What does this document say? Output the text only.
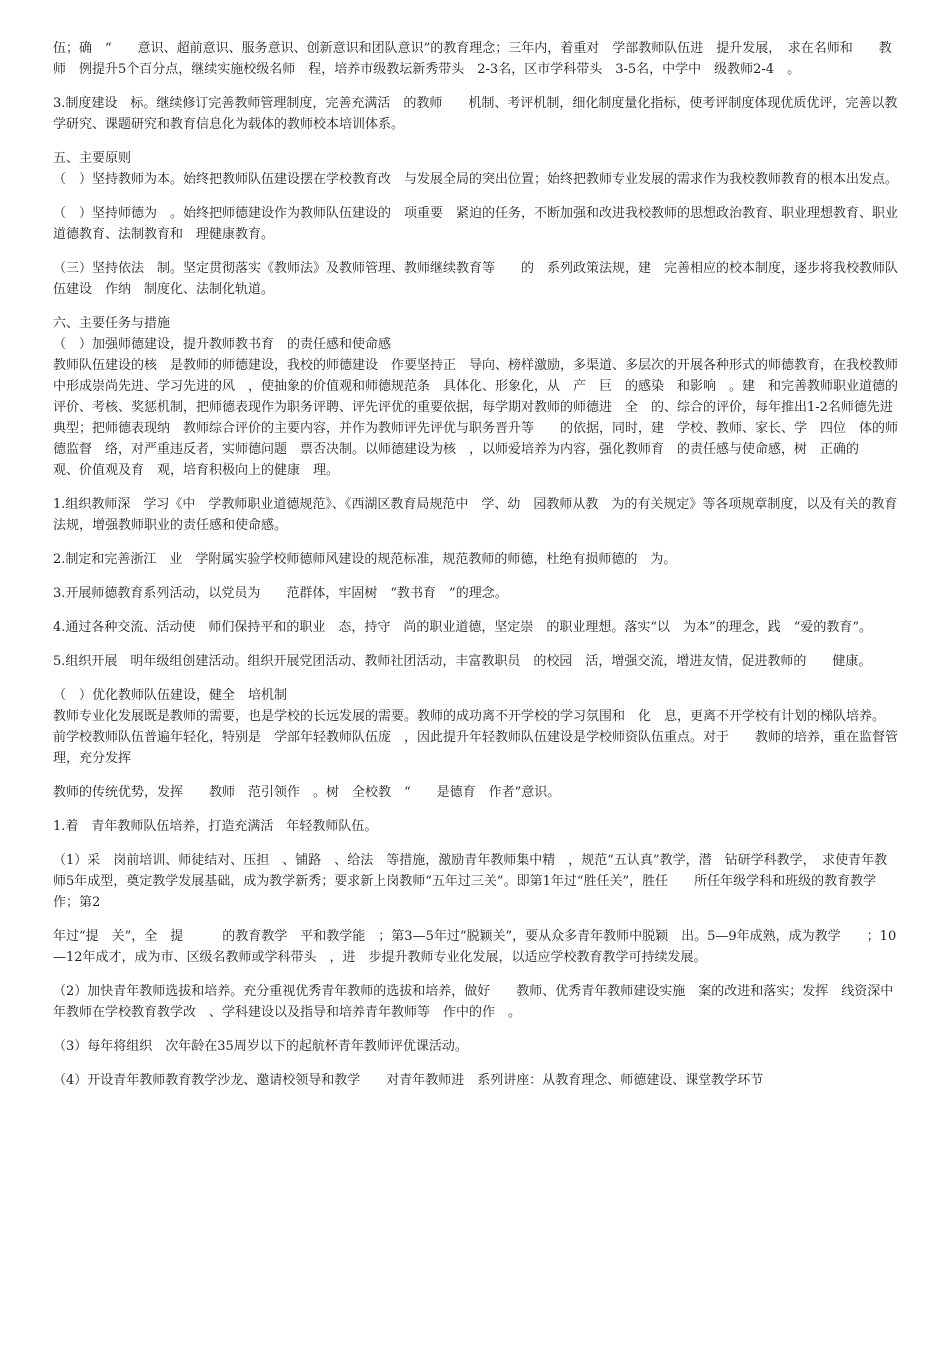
伍；确　“　　意识、超前意识、服务意识、创新意识和团队意识”的教育理念；三年内，着重对　学部教师队伍进　提升发展，　求在名师和　　教师　例提升5个百分点，继续实施校级名师　程，培养市级教坛新秀带头　2-3名，区市学科带头　3-5名，中学中　级教师2-4　。

3.制度建设　标。继续修订完善教师管理制度，完善充满活　的教师　　机制、考评机制，细化制度量化指标，使考评制度体现优质优评，完善以教学研究、课题研究和教育信息化为载体的教师校本培训体系。

五、主要原则

（　）坚持教师为本。始终把教师队伍建设摆在学校教育改　与发展全局的突出位置；始终把教师专业发展的需求作为我校教师教育的根本出发点。

（　）坚持师德为　。始终把师德建设作为教师队伍建设的　项重要　紧迫的任务，不断加强和改进我校教师的思想政治教育、职业理想教育、职业道德教育、法制教育和　理健康教育。

（三）坚持依法　制。坚定贯彻落实《教师法》及教师管理、教师继续教育等　　的　系列政策法规，建　完善相应的校本制度，逐步将我校教师队伍建设　作纳　制度化、法制化轨道。

六、主要任务与措施

（　）加强师德建设，提升教师教书育　的责任感和使命感

教师队伍建设的核　是教师的师德建设，我校的师德建设　作要坚持正　导向、榜样激励，多渠道、多层次的开展各种形式的师德教育，在我校教师中形成崇尚先进、学习先进的风　，使抽象的价值观和师德规范条　具体化、形象化，从　产　巨　的感染　和影响　。建　和完善教师职业道德的评价、考核、奖惩机制，把师德表现作为职务评聘、评先评优的重要依据，每学期对教师的师德进　全　的、综合的评价，每年推出1-2名师德先进典型；把师德表现纳　教师综合评价的主要内容，并作为教师评先评优与职务晋升等　　的依据，同时，建　学校、教师、家长、学　四位　体的师德监督　络，对严重违反者，实师德问题　票否决制。以师德建设为核　，以师爱培养为内容，强化教师育　的责任感与使命感，树　正确的　　观、价值观及育　观，培育积极向上的健康　理。

1.组织教师深　学习《中　学教师职业道德规范》、《西湖区教育局规范中　学、幼　园教师从教　为的有关规定》等各项规章制度，以及有关的教育法规，增强教师职业的责任感和使命感。

2.制定和完善浙江　业　学附属实验学校师德师风建设的规范标准，规范教师的师德，杜绝有损师德的　为。

3.开展师德教育系列活动，以党员为　　范群体，牢固树　“教书育　”的理念。

4.通过各种交流、活动使　师们保持平和的职业　态，持守　尚的职业道德，坚定崇　的职业理想。落实“以　为本”的理念，践　“爱的教育”。

5.组织开展　明年级组创建活动。组织开展党团活动、教师社团活动，丰富教职员　的校园　活，增强交流，增进友情，促进教师的　　健康。

（　）优化教师队伍建设，健全　培机制

教师专业化发展既是教师的需要，也是学校的长远发展的需要。教师的成功离不开学校的学习氛围和　化　息，更离不开学校有计划的梯队培养。　前学校教师队伍普遍年轻化，特别是　学部年轻教师队伍庞　，因此提升年轻教师队伍建设是学校师资队伍重点。对于　　教师的培养，重在监督管理，充分发挥

教师的传统优势，发挥　　教师　范引领作　。树　全校教　“　　是德育　作者”意识。

1.着　青年教师队伍培养，打造充满活　年轻教师队伍。

（1）采　岗前培训、师徒结对、压担　、铺路　、给法　等措施，激励青年教师集中精　，规范“五认真”教学，潜　钻研学科教学，　求使青年教师5年成型，奠定教学发展基础，成为教学新秀；要求新上岗教师“五年过三关”。即第1年过“胜任关”，胜任　　所任年级学科和班级的教育教学　作；第2

年过“提　关”，全　提　　　的教育教学　平和教学能　；第3—5年过“脱颖关”，要从众多青年教师中脱颖　出。5—9年成熟，成为教学　　；10—12年成才，成为市、区级名教师或学科带头　，进　步提升教师专业化发展，以适应学校教育教学可持续发展。

（2）加快青年教师选拔和培养。充分重视优秀青年教师的选拔和培养，做好　　教师、优秀青年教师建设实施　案的改进和落实；发挥　线资深中　年教师在学校教育教学改　、学科建设以及指导和培养青年教师等　作中的作　。

（3）每年将组织　次年龄在35周岁以下的起航杯青年教师评优课活动。

（4）开设青年教师教育教学沙龙、邀请校领导和教学　　对青年教师进　系列讲座：从教育理念、师德建设、课堂教学环节
